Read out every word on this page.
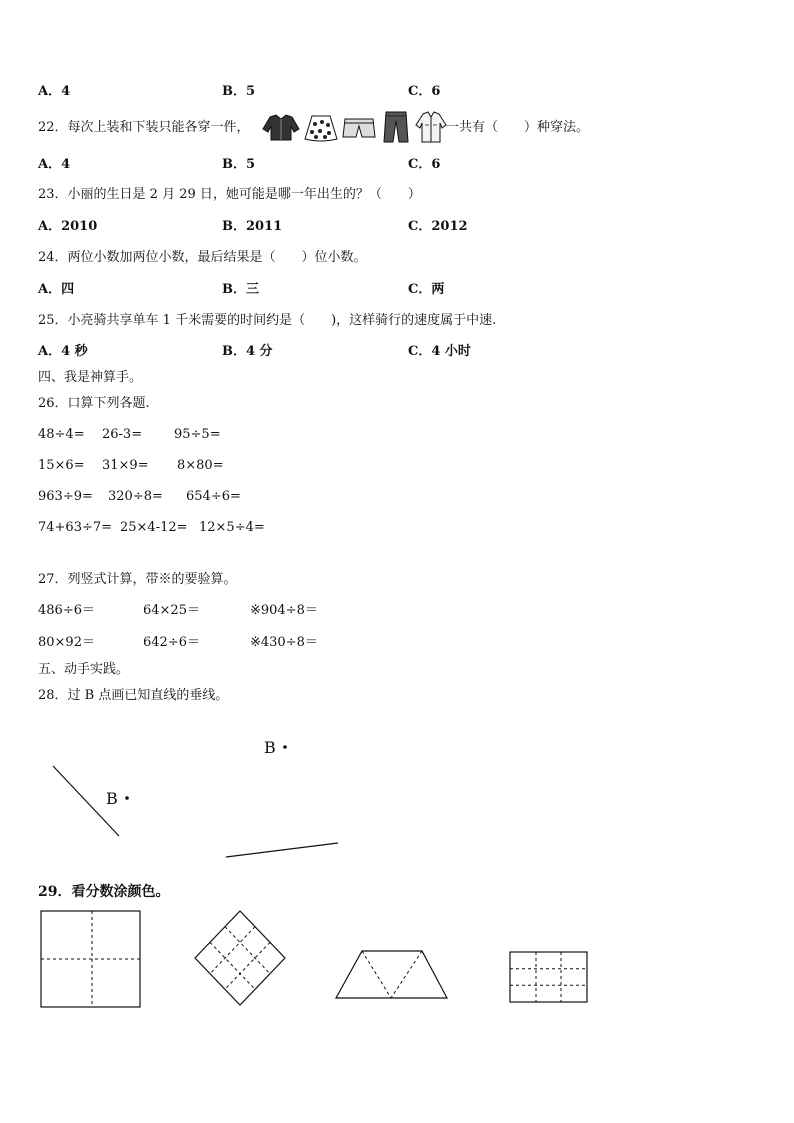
A．4	B．5	C．6
22．每次上装和下装只能各穿一件，	一共有（　　）种穿法。
A．4	B．5	C．6
23．小丽的生日是 2 月 29 日，她可能是哪一年出生的？（　　）
A．2010	B．2011	C．2012
24．两位小数加两位小数，最后结果是（　　）位小数。
A．四	B．三	C．两
25．小亮骑共享单车 1 千米需要的时间约是（　　)，这样骑行的速度属于中速.
A．4 秒	B．4 分	C．4 小时
四、我是神算手。
26．口算下列各题.
48÷4= 26-3= 95÷5=
15×6= 31×9= 8×80=
963÷9= 320÷8= 654÷6=
74+63÷7= 25×4-12= 12×5÷4=
27．列竖式计算，带※的要验算。
486÷6＝	64×25＝	※904÷8＝
80×92＝	642÷6＝	※430÷8＝
五、动手实践。
28．过 B 点画已知直线的垂线。
B
B
29．看分数涂颜色。
